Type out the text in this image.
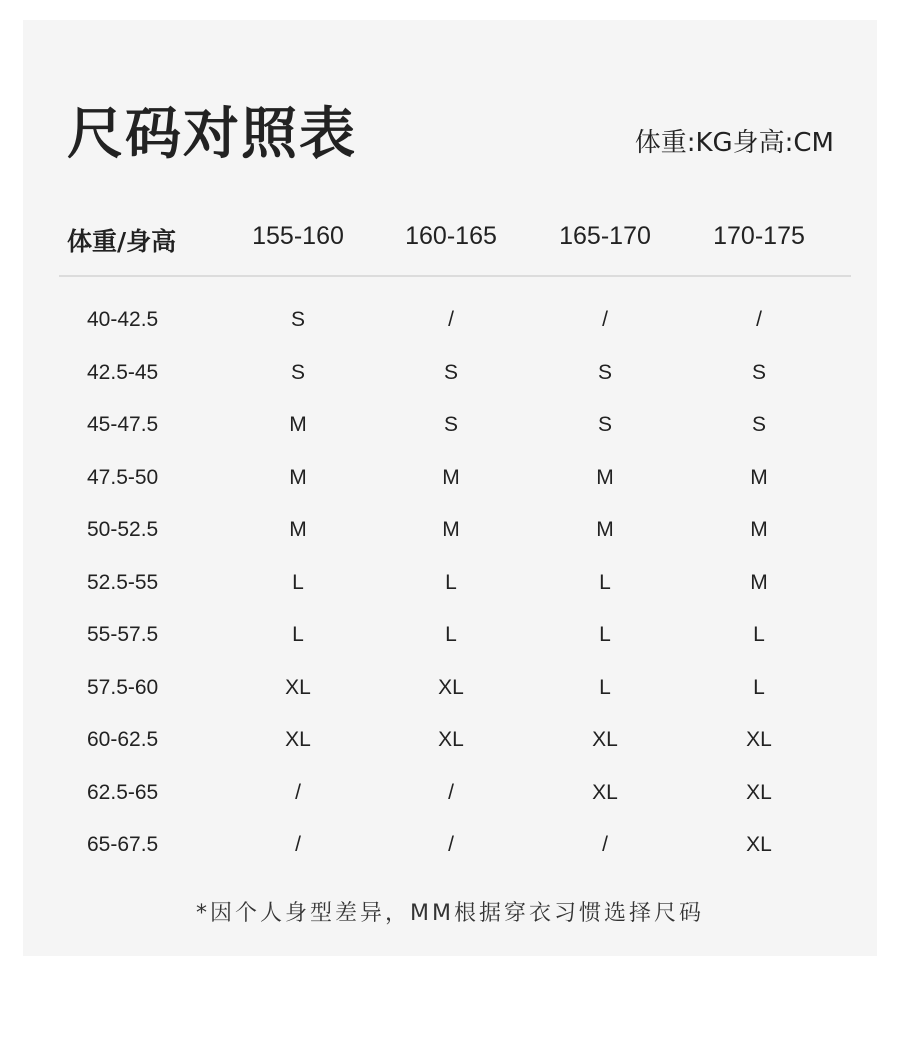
尺码对照表	体重:KG身高:CM
体重/身高	155-160	160-165	165-170	170-175
40-42.5	S	/	/	/
42.5-45	S	S	S	S
45-47.5	M	S	S	S
47.5-50	M	M	M	M
50-52.5	M	M	M	M
52.5-55	L	L	L	M
55-57.5	L	L	L	L
57.5-60	XL	XL	L	L
60-62.5	XL	XL	XL	XL
62.5-65	/	/	XL	XL
65-67.5	/	/	/	XL
*因个人身型差异，MM根据穿衣习惯选择尺码
